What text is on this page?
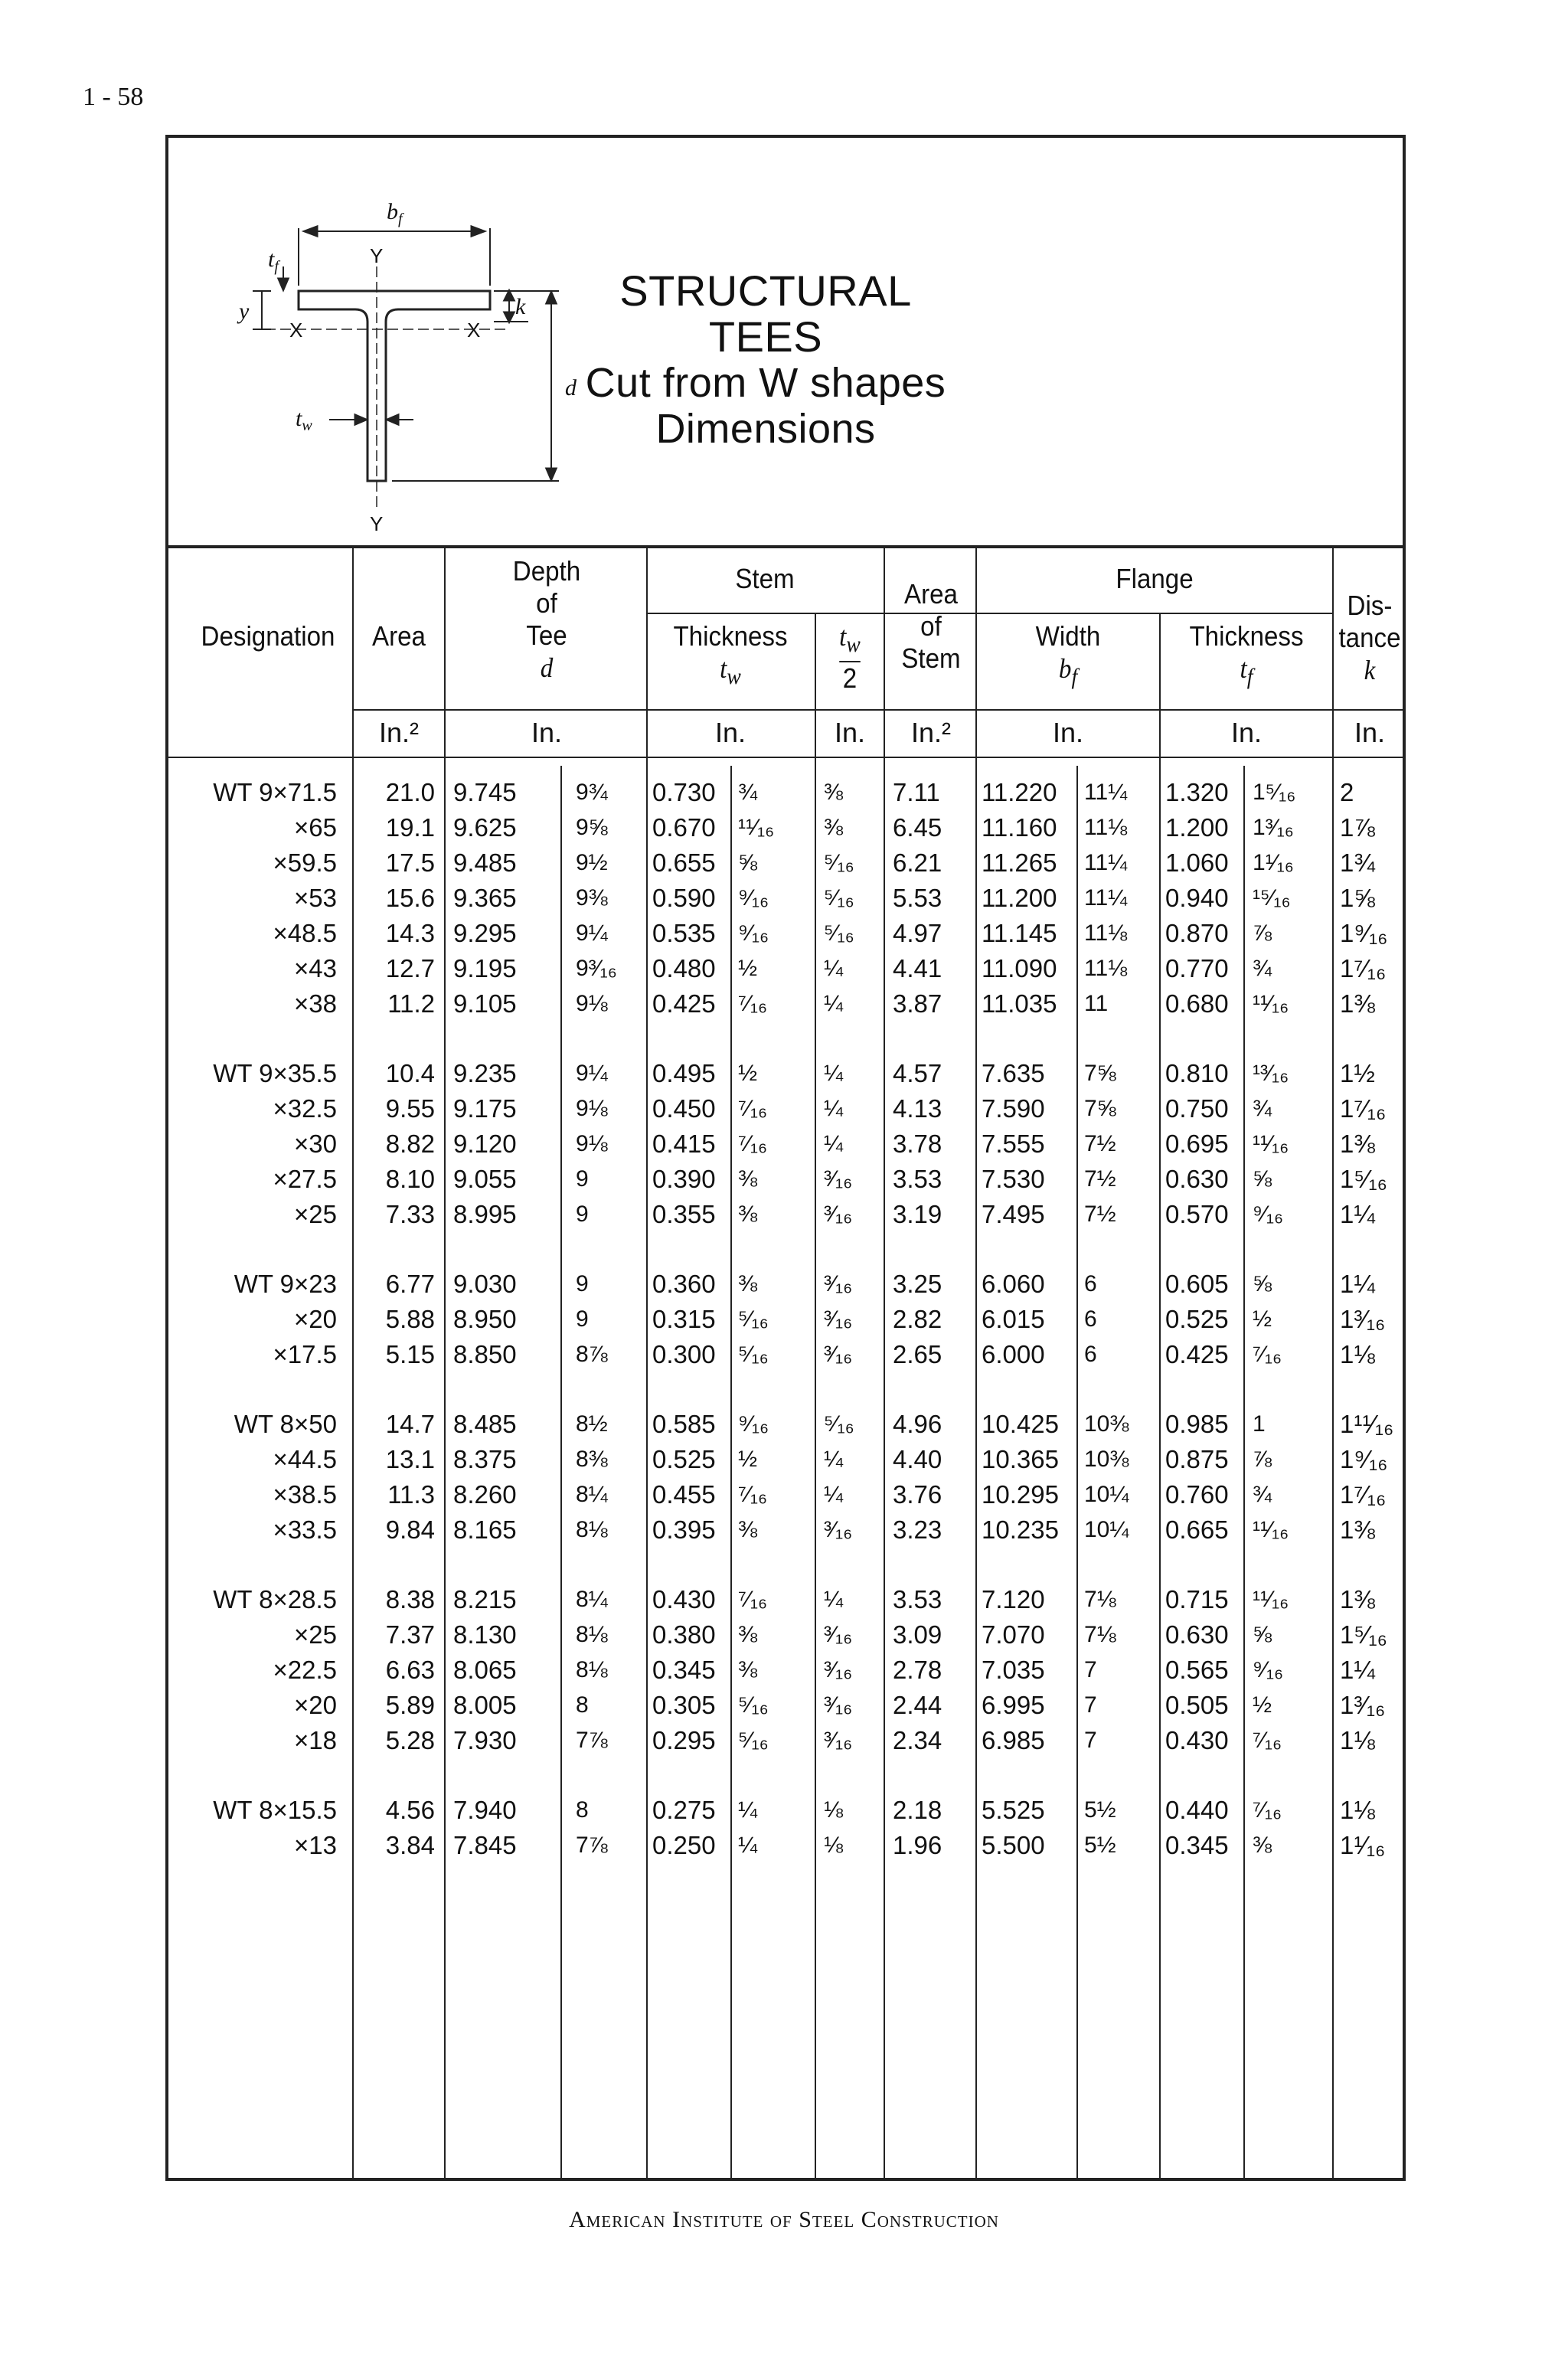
1 - 58
$b_f$
$t_f$
y	k
d
$t_w$
Y
Y
X	X
STRUCTURAL TEES
Cut from W shapes
Dimensions
Designation	Area
Depth
of
Tee
d
Stem
Thickness
$t_w$
$t_w$
2
Area
of
Stem
Flange
Width
$b_f$
Thickness
$t_f$
Dis-
tance
k
In.²	In.	In.	In.	In.²	In.	In.	In.
WT 9×71.5	21.0 9.745	9¾	0.730 ¾	⅜	7.11	11.220	11¼	1.320	1⁵⁄₁₆	2
×65	19.1 9.625	9⅝	0.670 ¹¹⁄₁₆	⅜	6.45	11.160	11⅛	1.200	1³⁄₁₆	1⅞
×59.5	17.5 9.485	9½	0.655 ⅝	⁵⁄₁₆	6.21	11.265	11¼	1.060	1¹⁄₁₆	1¾
×53	15.6 9.365	9⅜	0.590 ⁹⁄₁₆	⁵⁄₁₆	5.53	11.200	11¼	0.940	¹⁵⁄₁₆	1⅝
×48.5	14.3 9.295	9¼	0.535 ⁹⁄₁₆	⁵⁄₁₆	4.97	11.145	11⅛	0.870	⅞	1⁹⁄₁₆
×43	12.7 9.195	9³⁄₁₆	0.480 ½	¼	4.41	11.090	11⅛	0.770	¾	1⁷⁄₁₆
×38	11.2 9.105	9⅛	0.425 ⁷⁄₁₆	¼	3.87	11.035	11	0.680	¹¹⁄₁₆	1⅜
WT 9×35.5	10.4 9.235	9¼	0.495 ½	¼	4.57	7.635	7⅝	0.810	¹³⁄₁₆	1½
×32.5	9.55 9.175	9⅛	0.450 ⁷⁄₁₆	¼	4.13	7.590	7⅝	0.750	¾	1⁷⁄₁₆
×30	8.82 9.120	9⅛	0.415 ⁷⁄₁₆	¼	3.78	7.555	7½	0.695	¹¹⁄₁₆	1⅜
×27.5	8.10 9.055	9	0.390 ⅜	³⁄₁₆	3.53	7.530	7½	0.630	⅝	1⁵⁄₁₆
×25	7.33 8.995	9	0.355 ⅜	³⁄₁₆	3.19	7.495	7½	0.570	⁹⁄₁₆	1¼
WT 9×23	6.77 9.030	9	0.360 ⅜	³⁄₁₆	3.25	6.060	6	0.605	⅝	1¼
×20	5.88 8.950	9	0.315 ⁵⁄₁₆	³⁄₁₆	2.82	6.015	6	0.525	½	1³⁄₁₆
×17.5	5.15 8.850	8⅞	0.300 ⁵⁄₁₆	³⁄₁₆	2.65	6.000	6	0.425	⁷⁄₁₆	1⅛
WT 8×50	14.7 8.485	8½	0.585 ⁹⁄₁₆	⁵⁄₁₆	4.96	10.425	10⅜	0.985	1	1¹¹⁄₁₆
×44.5	13.1 8.375	8⅜	0.525 ½	¼	4.40	10.365	10⅜	0.875	⅞	1⁹⁄₁₆
×38.5	11.3 8.260	8¼	0.455 ⁷⁄₁₆	¼	3.76	10.295	10¼	0.760	¾	1⁷⁄₁₆
×33.5	9.84 8.165	8⅛	0.395 ⅜	³⁄₁₆	3.23	10.235	10¼	0.665	¹¹⁄₁₆	1⅜
WT 8×28.5	8.38 8.215	8¼	0.430 ⁷⁄₁₆	¼	3.53	7.120	7⅛	0.715	¹¹⁄₁₆	1⅜
×25	7.37 8.130	8⅛	0.380 ⅜	³⁄₁₆	3.09	7.070	7⅛	0.630	⅝	1⁵⁄₁₆
×22.5	6.63 8.065	8⅛	0.345 ⅜	³⁄₁₆	2.78	7.035	7	0.565	⁹⁄₁₆	1¼
×20	5.89 8.005	8	0.305 ⁵⁄₁₆	³⁄₁₆	2.44	6.995	7	0.505	½	1³⁄₁₆
×18	5.28 7.930	7⅞	0.295 ⁵⁄₁₆	³⁄₁₆	2.34	6.985	7	0.430	⁷⁄₁₆	1⅛
WT 8×15.5	4.56 7.940	8	0.275 ¼	⅛	2.18	5.525	5½	0.440	⁷⁄₁₆	1⅛
×13	3.84 7.845	7⅞	0.250 ¼	⅛	1.96	5.500	5½	0.345	⅜	1¹⁄₁₆
American Institute of Steel Construction
